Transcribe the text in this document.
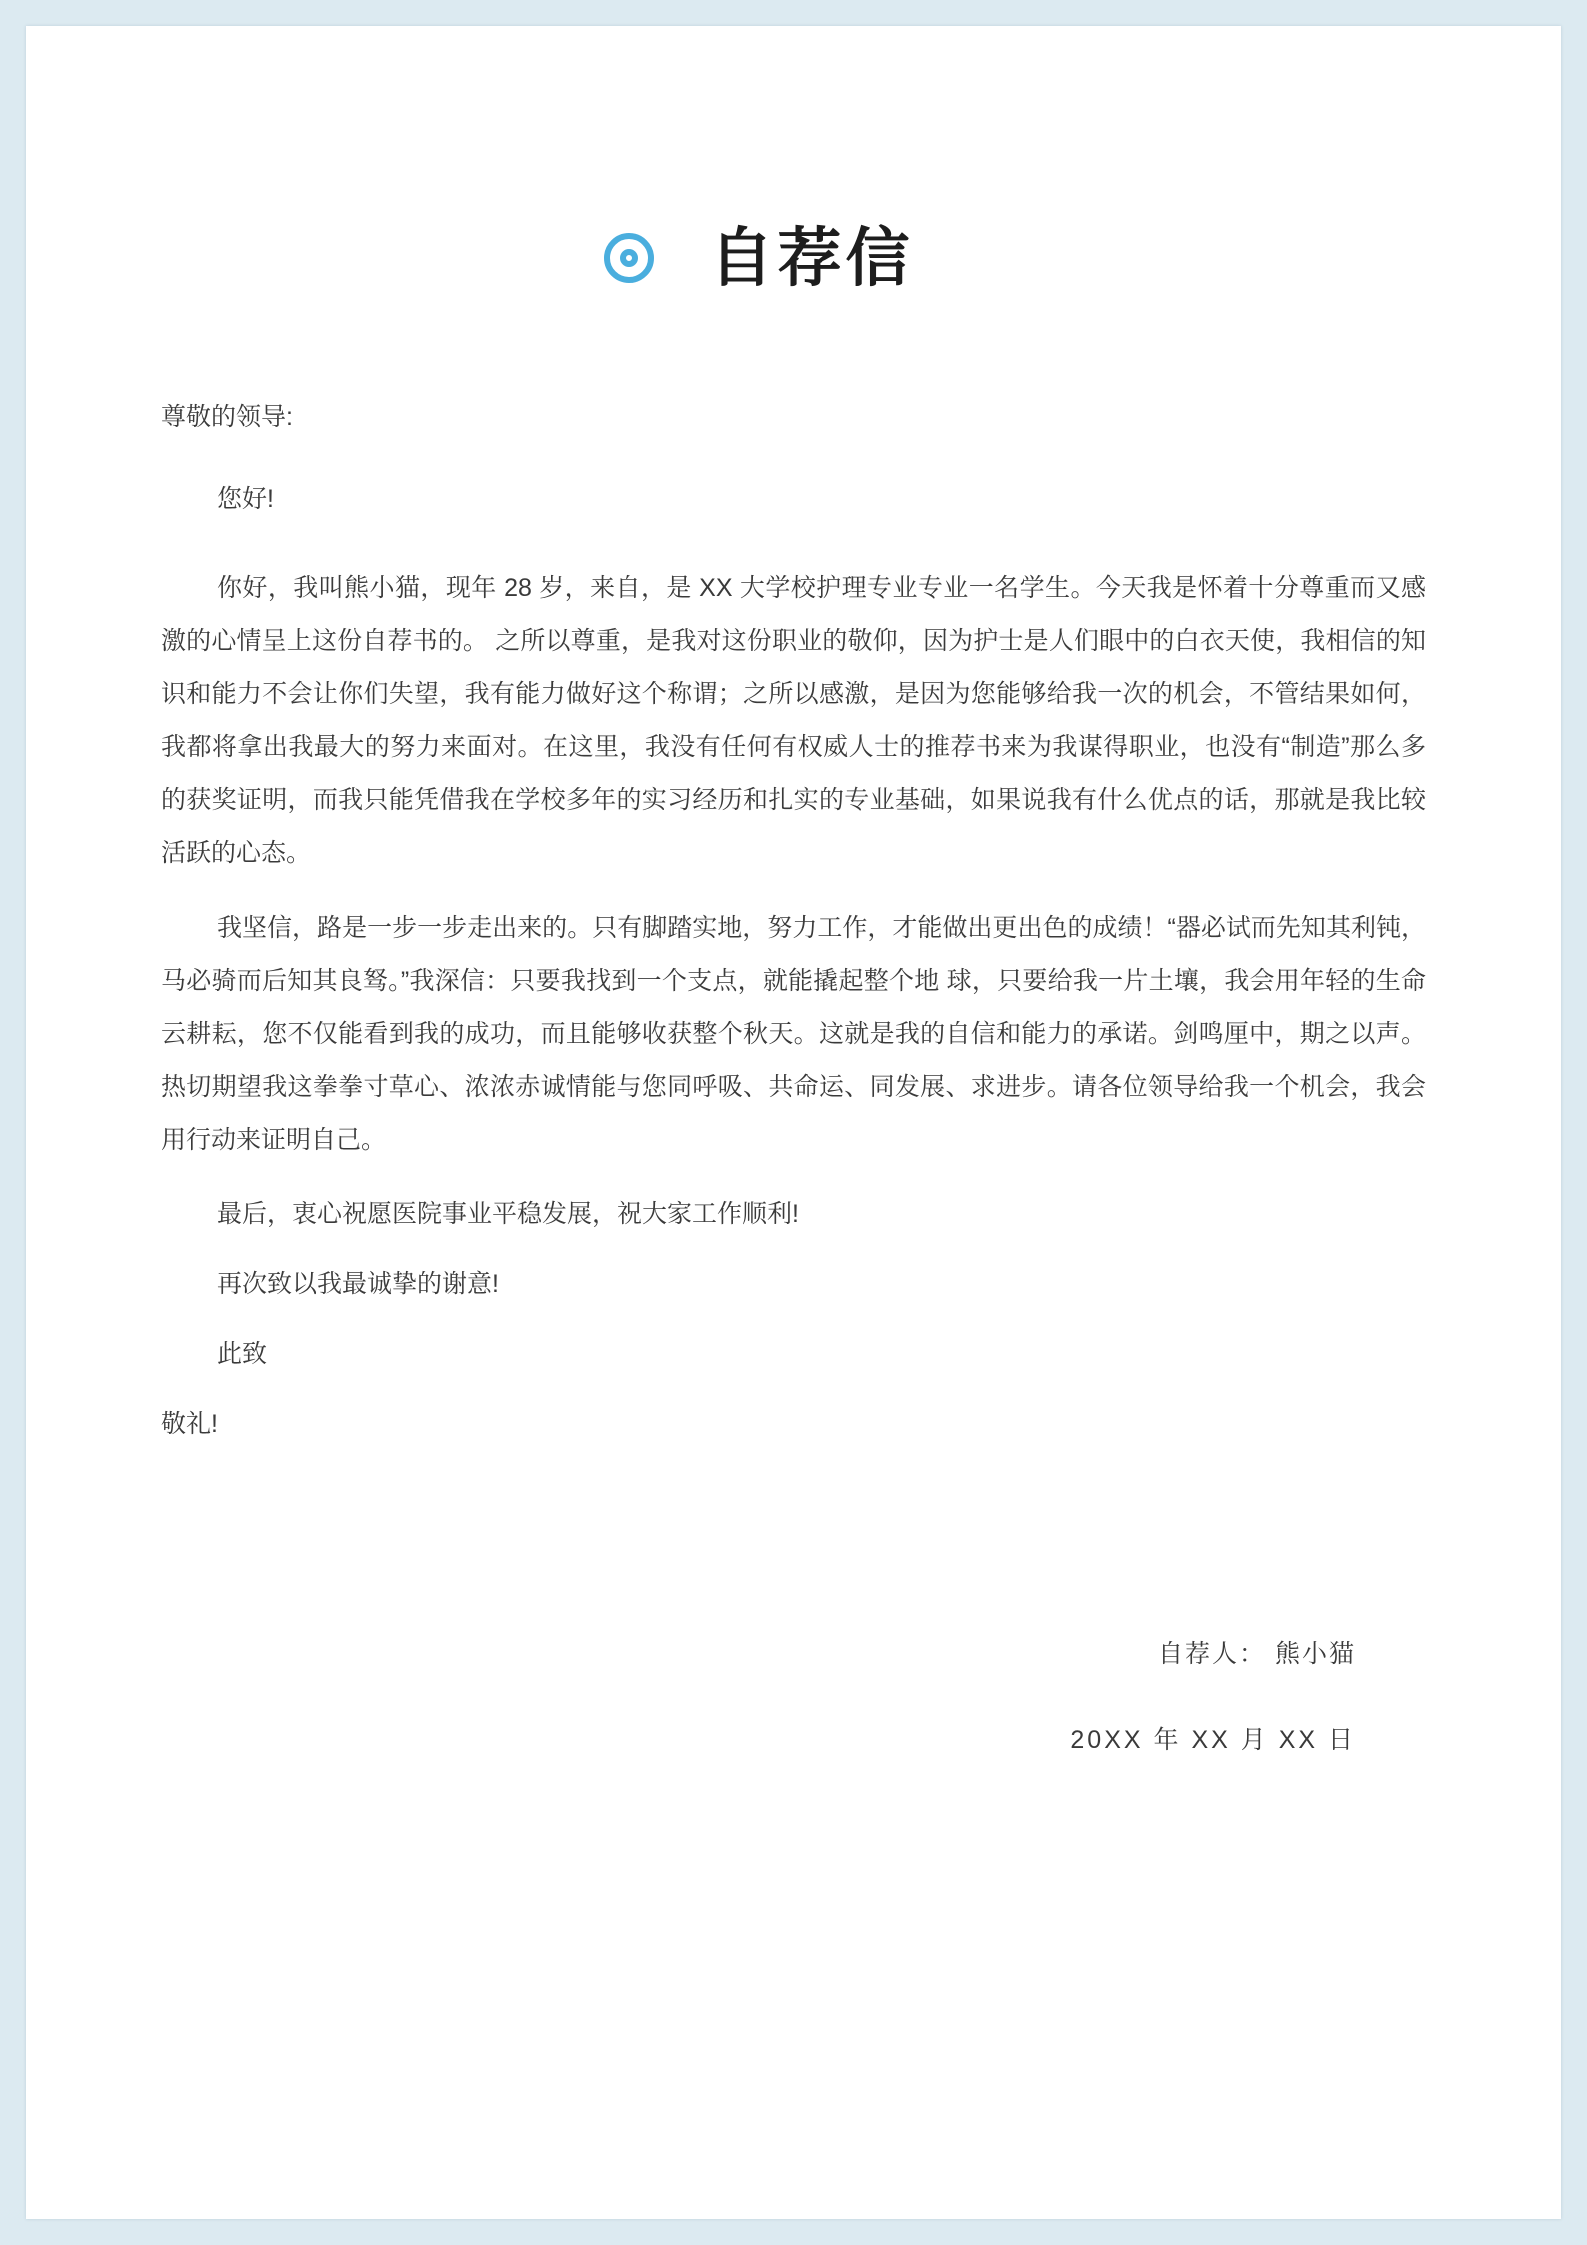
自荐信

尊敬的领导:

您好!

你好，我叫熊小猫，现年 28 岁，来自，是 XX 大学校护理专业专业一名学生。今天我是怀着十分尊重而又感激的心情呈上这份自荐书的。 之所以尊重，是我对这份职业的敬仰，因为护士是人们眼中的白衣天使，我相信的知识和能力不会让你们失望，我有能力做好这个称谓；之所以感激，是因为您能够给我一次的机会，不管结果如何，我都将拿出我最大的努力来面对。在这里，我没有任何有权威人士的推荐书来为我谋得职业，也没有“制造”那么多的获奖证明，而我只能凭借我在学校多年的实习经历和扎实的专业基础，如果说我有什么优点的话，那就是我比较活跃的心态。

我坚信，路是一步一步走出来的。只有脚踏实地，努力工作，才能做出更出色的成绩！“器必试而先知其利钝，马必骑而后知其良驽。”我深信：只要我找到一个支点，就能撬起整个地 球，只要给我一片土壤，我会用年轻的生命云耕耘，您不仅能看到我的成功，而且能够收获整个秋天。这就是我的自信和能力的承诺。剑鸣厘中，期之以声。热切期望我这拳拳寸草心、浓浓赤诚情能与您同呼吸、共命运、同发展、求进步。请各位领导给我一个机会，我会用行动来证明自己。

最后，衷心祝愿医院事业平稳发展，祝大家工作顺利!

再次致以我最诚挚的谢意!

此致

敬礼!

自荐人： 熊小猫

20XX 年 XX 月 XX 日
